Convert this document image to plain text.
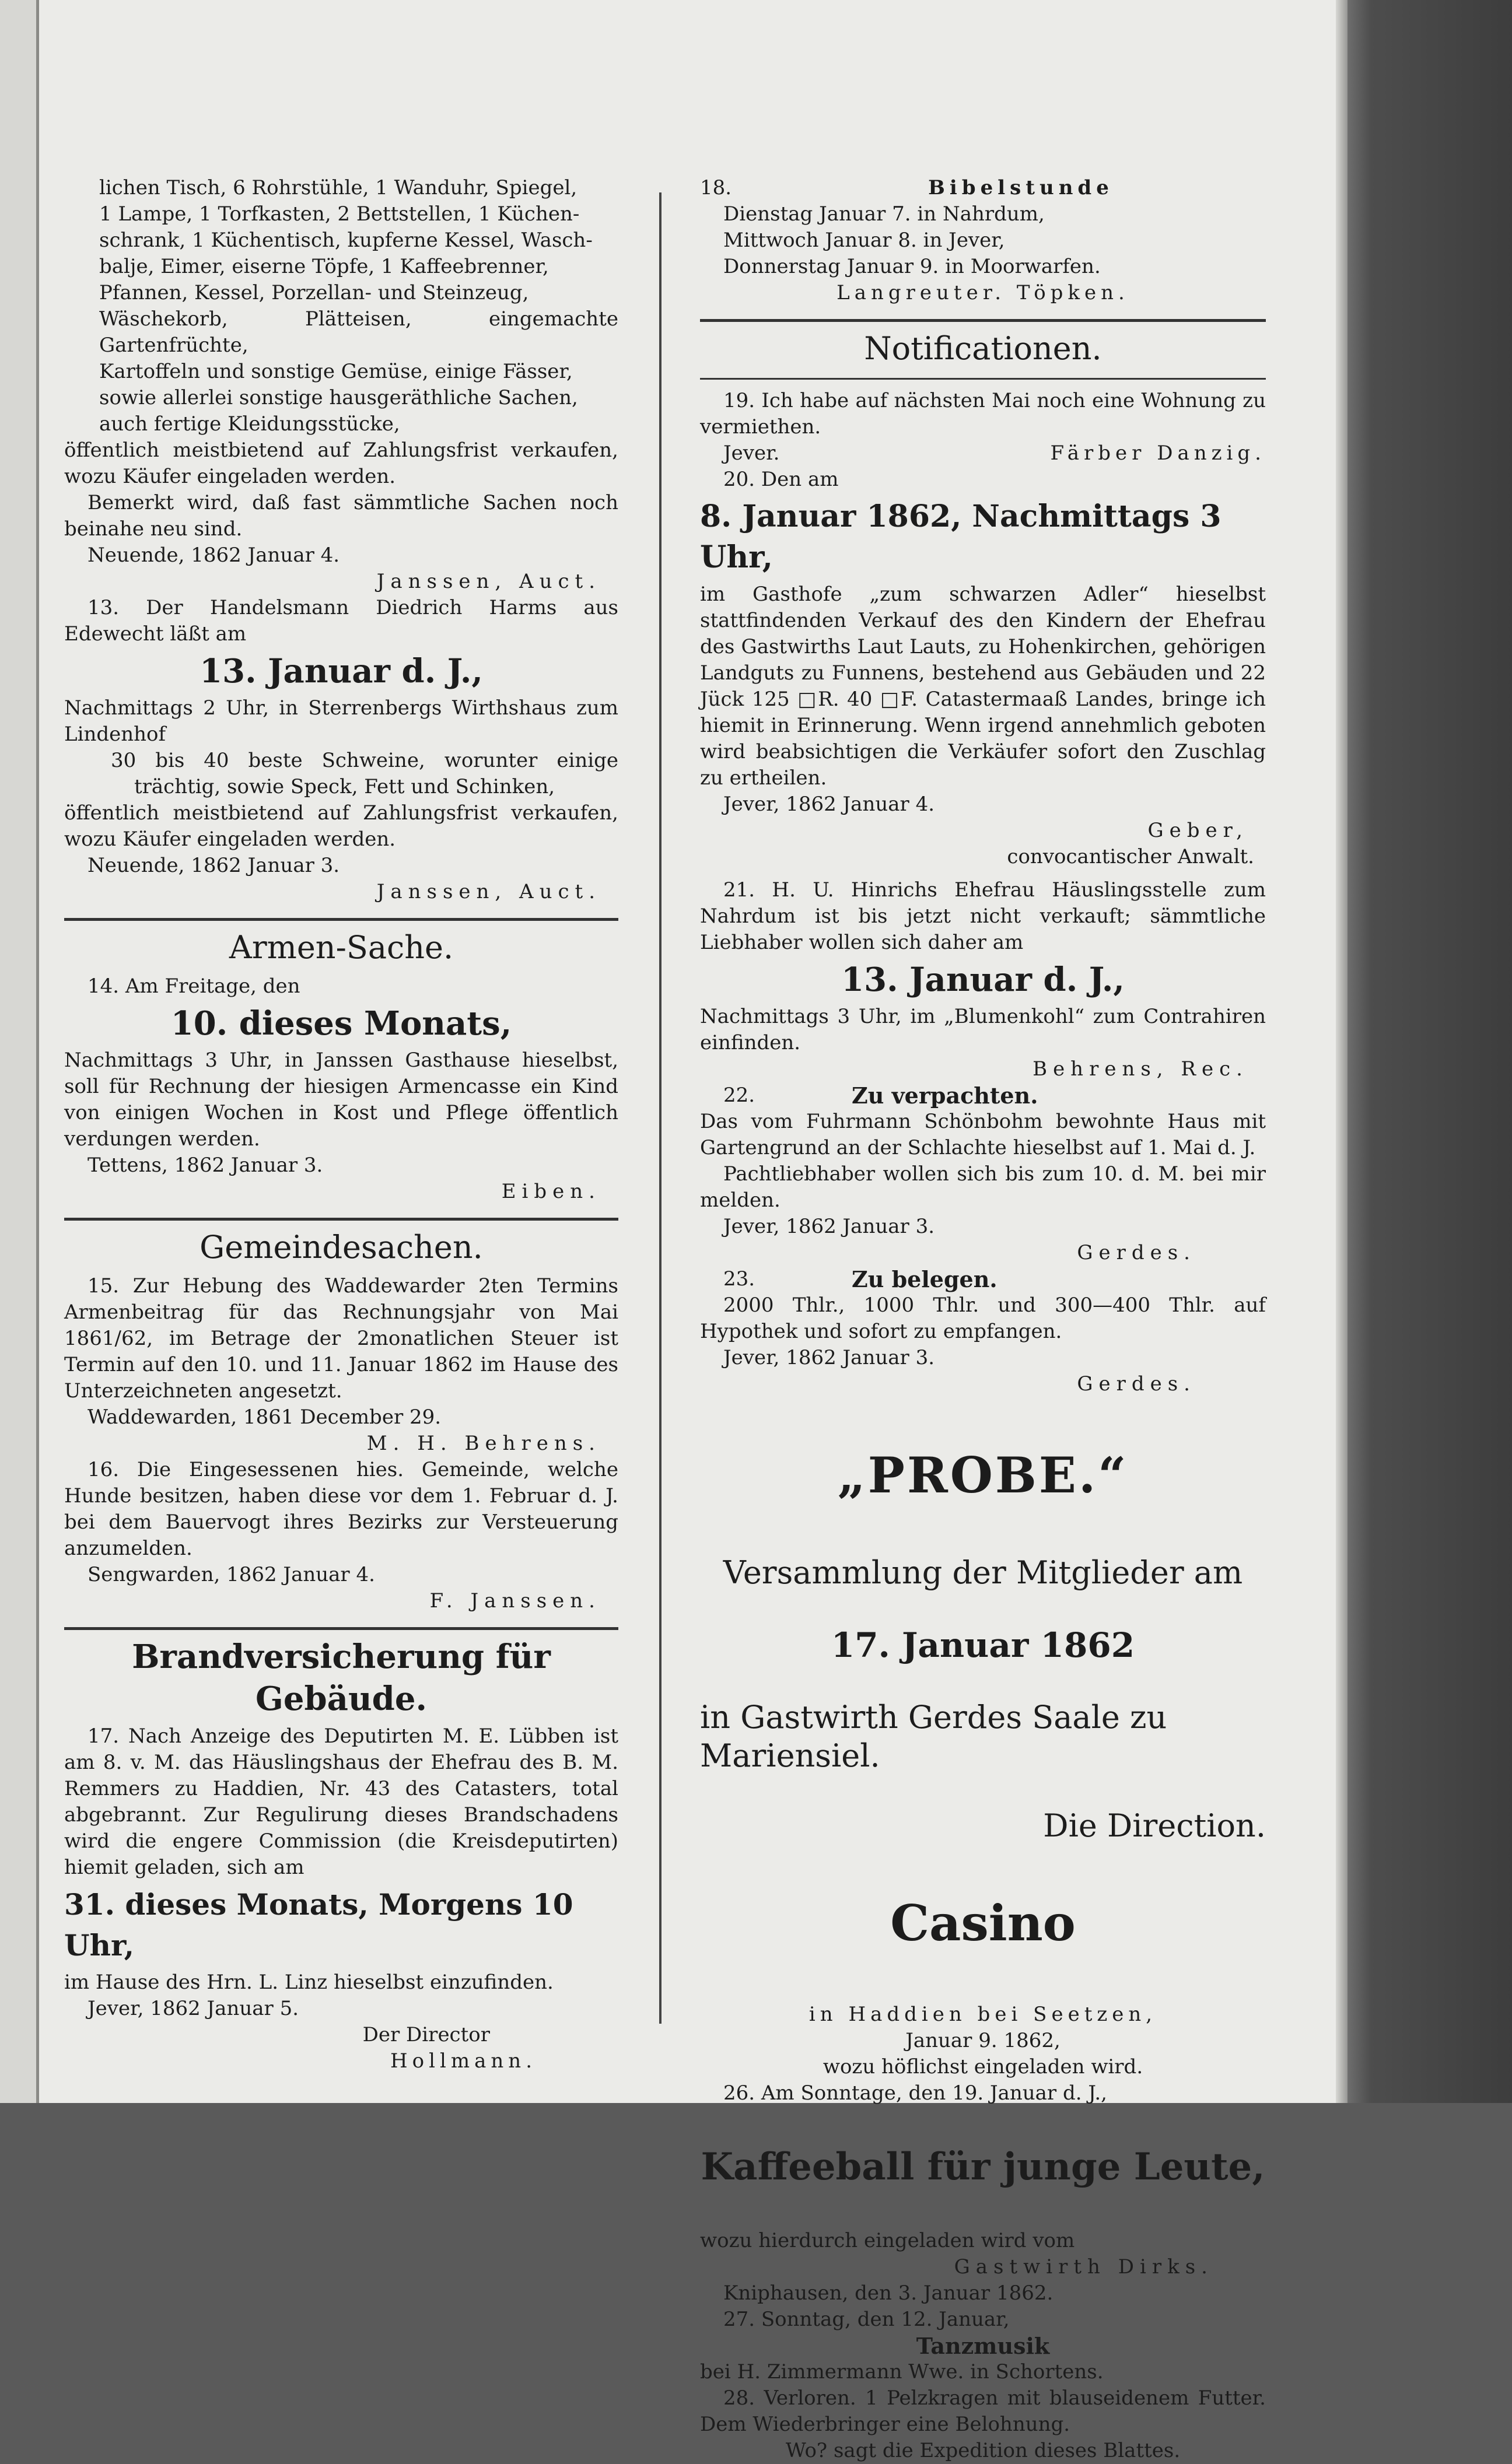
lichen Tisch, 6 Rohrstühle, 1 Wanduhr, Spiegel,

1 Lampe, 1 Torfkasten, 2 Bettstellen, 1 Küchen-

schrank, 1 Küchentisch, kupferne Kessel, Wasch-

balje, Eimer, eiserne Töpfe, 1 Kaffeebrenner,

Pfannen, Kessel, Porzellan- und Steinzeug,

Wäschekorb, Plätteisen, eingemachte Gartenfrüchte,

Kartoffeln und sonstige Gemüse, einige Fässer,

sowie allerlei sonstige hausgeräthliche Sachen,

auch fertige Kleidungsstücke,

öffentlich meistbietend auf Zahlungsfrist verkaufen, wozu Käufer eingeladen werden.

Bemerkt wird, daß fast sämmtliche Sachen noch beinahe neu sind.

Neuende, 1862 Januar 4.

Janssen, Auct.

13. Der Handelsmann Diedrich Harms aus Edewecht läßt am

13. Januar d. J.,

Nachmittags 2 Uhr, in Sterrenbergs Wirthshaus zum Lindenhof

30 bis 40 beste Schweine, worunter einige trächtig, sowie Speck, Fett und Schinken,

öffentlich meistbietend auf Zahlungsfrist verkaufen, wozu Käufer eingeladen werden.

Neuende, 1862 Januar 3.

Janssen, Auct.

Armen-Sache.

14. Am Freitage, den

10. dieses Monats,

Nachmittags 3 Uhr, in Janssen Gasthause hieselbst, soll für Rechnung der hiesigen Armencasse ein Kind von einigen Wochen in Kost und Pflege öffentlich verdungen werden.

Tettens, 1862 Januar 3.

Eiben.

Gemeindesachen.

15. Zur Hebung des Waddewarder 2ten Termins Armenbeitrag für das Rechnungsjahr von Mai 1861/62, im Betrage der 2monatlichen Steuer ist Termin auf den 10. und 11. Januar 1862 im Hause des Unterzeichneten angesetzt.

Waddewarden, 1861 December 29.

M. H. Behrens.

16. Die Eingesessenen hies. Gemeinde, welche Hunde besitzen, haben diese vor dem 1. Februar d. J. bei dem Bauervogt ihres Bezirks zur Versteuerung anzumelden.

Sengwarden, 1862 Januar 4.

F. Janssen.

Brandversicherung für Gebäude.

17. Nach Anzeige des Deputirten M. E. Lübben ist am 8. v. M. das Häuslingshaus der Ehefrau des B. M. Remmers zu Haddien, Nr. 43 des Catasters, total abgebrannt. Zur Regulirung dieses Brandschadens wird die engere Commission (die Kreisdeputirten) hiemit geladen, sich am

31. dieses Monats, Morgens 10 Uhr,

im Hause des Hrn. L. Linz hieselbst einzufinden.

Jever, 1862 Januar 5.

Der Director

Hollmann.

18.	Bibelstunde

Dienstag Januar 7. in Nahrdum,

Mittwoch Januar 8. in Jever,

Donnerstag Januar 9. in Moorwarfen.

Langreuter. Töpken.

Notificationen.

19. Ich habe auf nächsten Mai noch eine Wohnung zu vermiethen.

Jever.	Färber Danzig.

20. Den am

8. Januar 1862, Nachmittags 3 Uhr,

im Gasthofe „zum schwarzen Adler“ hieselbst stattfindenden Verkauf des den Kindern der Ehefrau des Gastwirths Laut Lauts, zu Hohenkirchen, gehörigen Landguts zu Funnens, bestehend aus Gebäuden und 22 Jück 125 □R. 40 □F. Catastermaaß Landes, bringe ich hiemit in Erinnerung. Wenn irgend annehmlich geboten wird beabsichtigen die Verkäufer sofort den Zuschlag zu ertheilen.

Jever, 1862 Januar 4.

Geber,

convocantischer Anwalt.

21. H. U. Hinrichs Ehefrau Häuslingsstelle zum Nahrdum ist bis jetzt nicht verkauft; sämmtliche Liebhaber wollen sich daher am

13. Januar d. J.,

Nachmittags 3 Uhr, im „Blumenkohl“ zum Contrahiren einfinden.

Behrens, Rec.

22.	Zu verpachten.

Das vom Fuhrmann Schönbohm bewohnte Haus mit Gartengrund an der Schlachte hieselbst auf 1. Mai d. J.

Pachtliebhaber wollen sich bis zum 10. d. M. bei mir melden.

Jever, 1862 Januar 3.

Gerdes.

23.	Zu belegen.

2000 Thlr., 1000 Thlr. und 300—400 Thlr. auf Hypothek und sofort zu empfangen.

Jever, 1862 Januar 3.

Gerdes.

„PROBE.“

Versammlung der Mitglieder am

17. Januar 1862

in Gastwirth Gerdes Saale zu Mariensiel.

Die Direction.

Casino

in Haddien bei Seetzen,

Januar 9. 1862,

wozu höflichst eingeladen wird.

26. Am Sonntage, den 19. Januar d. J.,

Kaffeeball für junge Leute,

wozu hierdurch eingeladen wird vom

Gastwirth Dirks.

Kniphausen, den 3. Januar 1862.

27. Sonntag, den 12. Januar,

Tanzmusik

bei H. Zimmermann Wwe. in Schortens.

28. Verloren. 1 Pelzkragen mit blauseidenem Futter. Dem Wiederbringer eine Belohnung.

Wo? sagt die Expedition dieses Blattes.
